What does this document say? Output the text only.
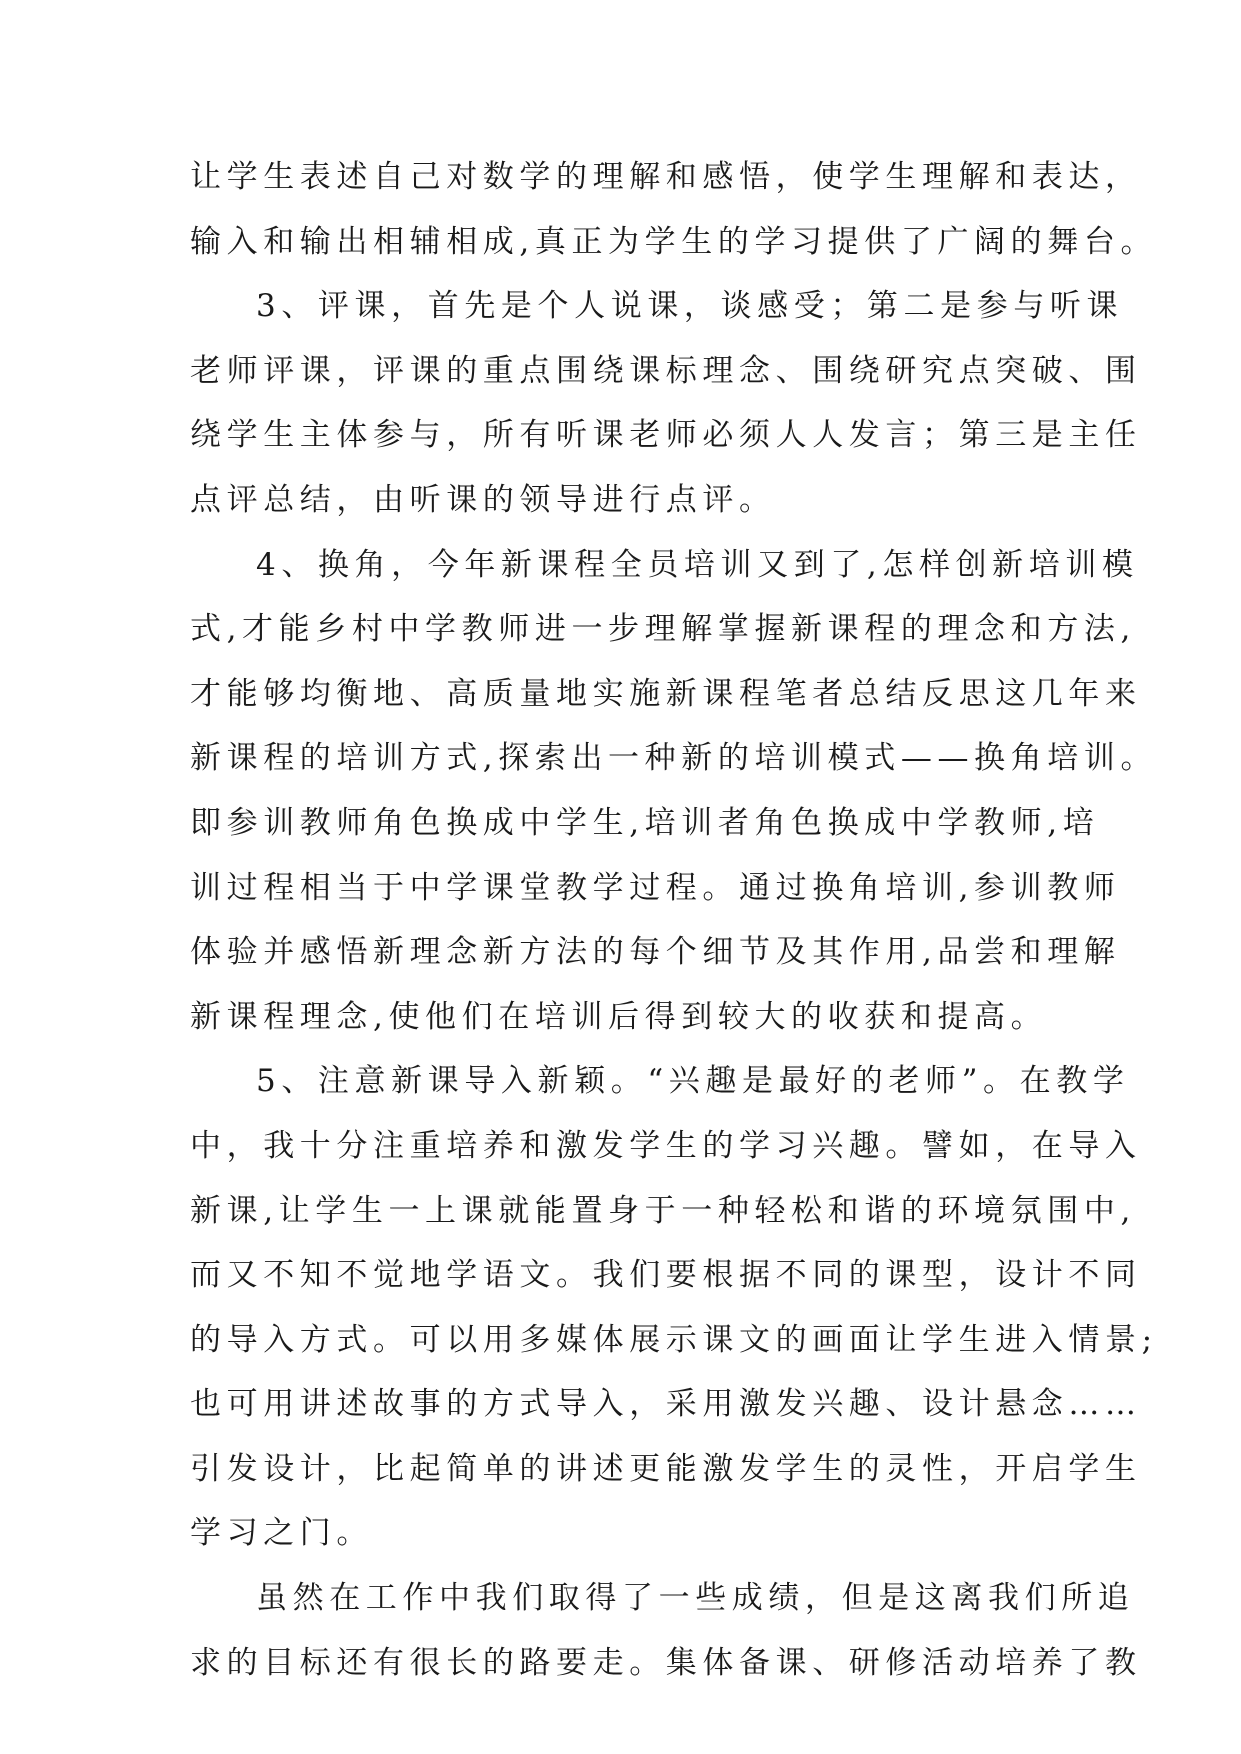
让学生表述自己对数学的理解和感悟，使学生理解和表达，
输入和输出相辅相成,真正为学生的学习提供了广阔的舞台。
3、评课，首先是个人说课，谈感受；第二是参与听课
老师评课，评课的重点围绕课标理念、围绕研究点突破、围
绕学生主体参与，所有听课老师必须人人发言；第三是主任
点评总结，由听课的领导进行点评。
4、换角，今年新课程全员培训又到了,怎样创新培训模
式,才能乡村中学教师进一步理解掌握新课程的理念和方法,
才能够均衡地、高质量地实施新课程笔者总结反思这几年来
新课程的培训方式,探索出一种新的培训模式——换角培训。
即参训教师角色换成中学生,培训者角色换成中学教师,培
训过程相当于中学课堂教学过程。通过换角培训,参训教师
体验并感悟新理念新方法的每个细节及其作用,品尝和理解
新课程理念,使他们在培训后得到较大的收获和提高。
5、注意新课导入新颖。“兴趣是最好的老师”。在教学
中，我十分注重培养和激发学生的学习兴趣。譬如，在导入
新课,让学生一上课就能置身于一种轻松和谐的环境氛围中,
而又不知不觉地学语文。我们要根据不同的课型，设计不同
的导入方式。可以用多媒体展示课文的画面让学生进入情景;
也可用讲述故事的方式导入，采用激发兴趣、设计悬念……
引发设计，比起简单的讲述更能激发学生的灵性，开启学生
学习之门。
虽然在工作中我们取得了一些成绩，但是这离我们所追
求的目标还有很长的路要走。集体备课、研修活动培养了教
